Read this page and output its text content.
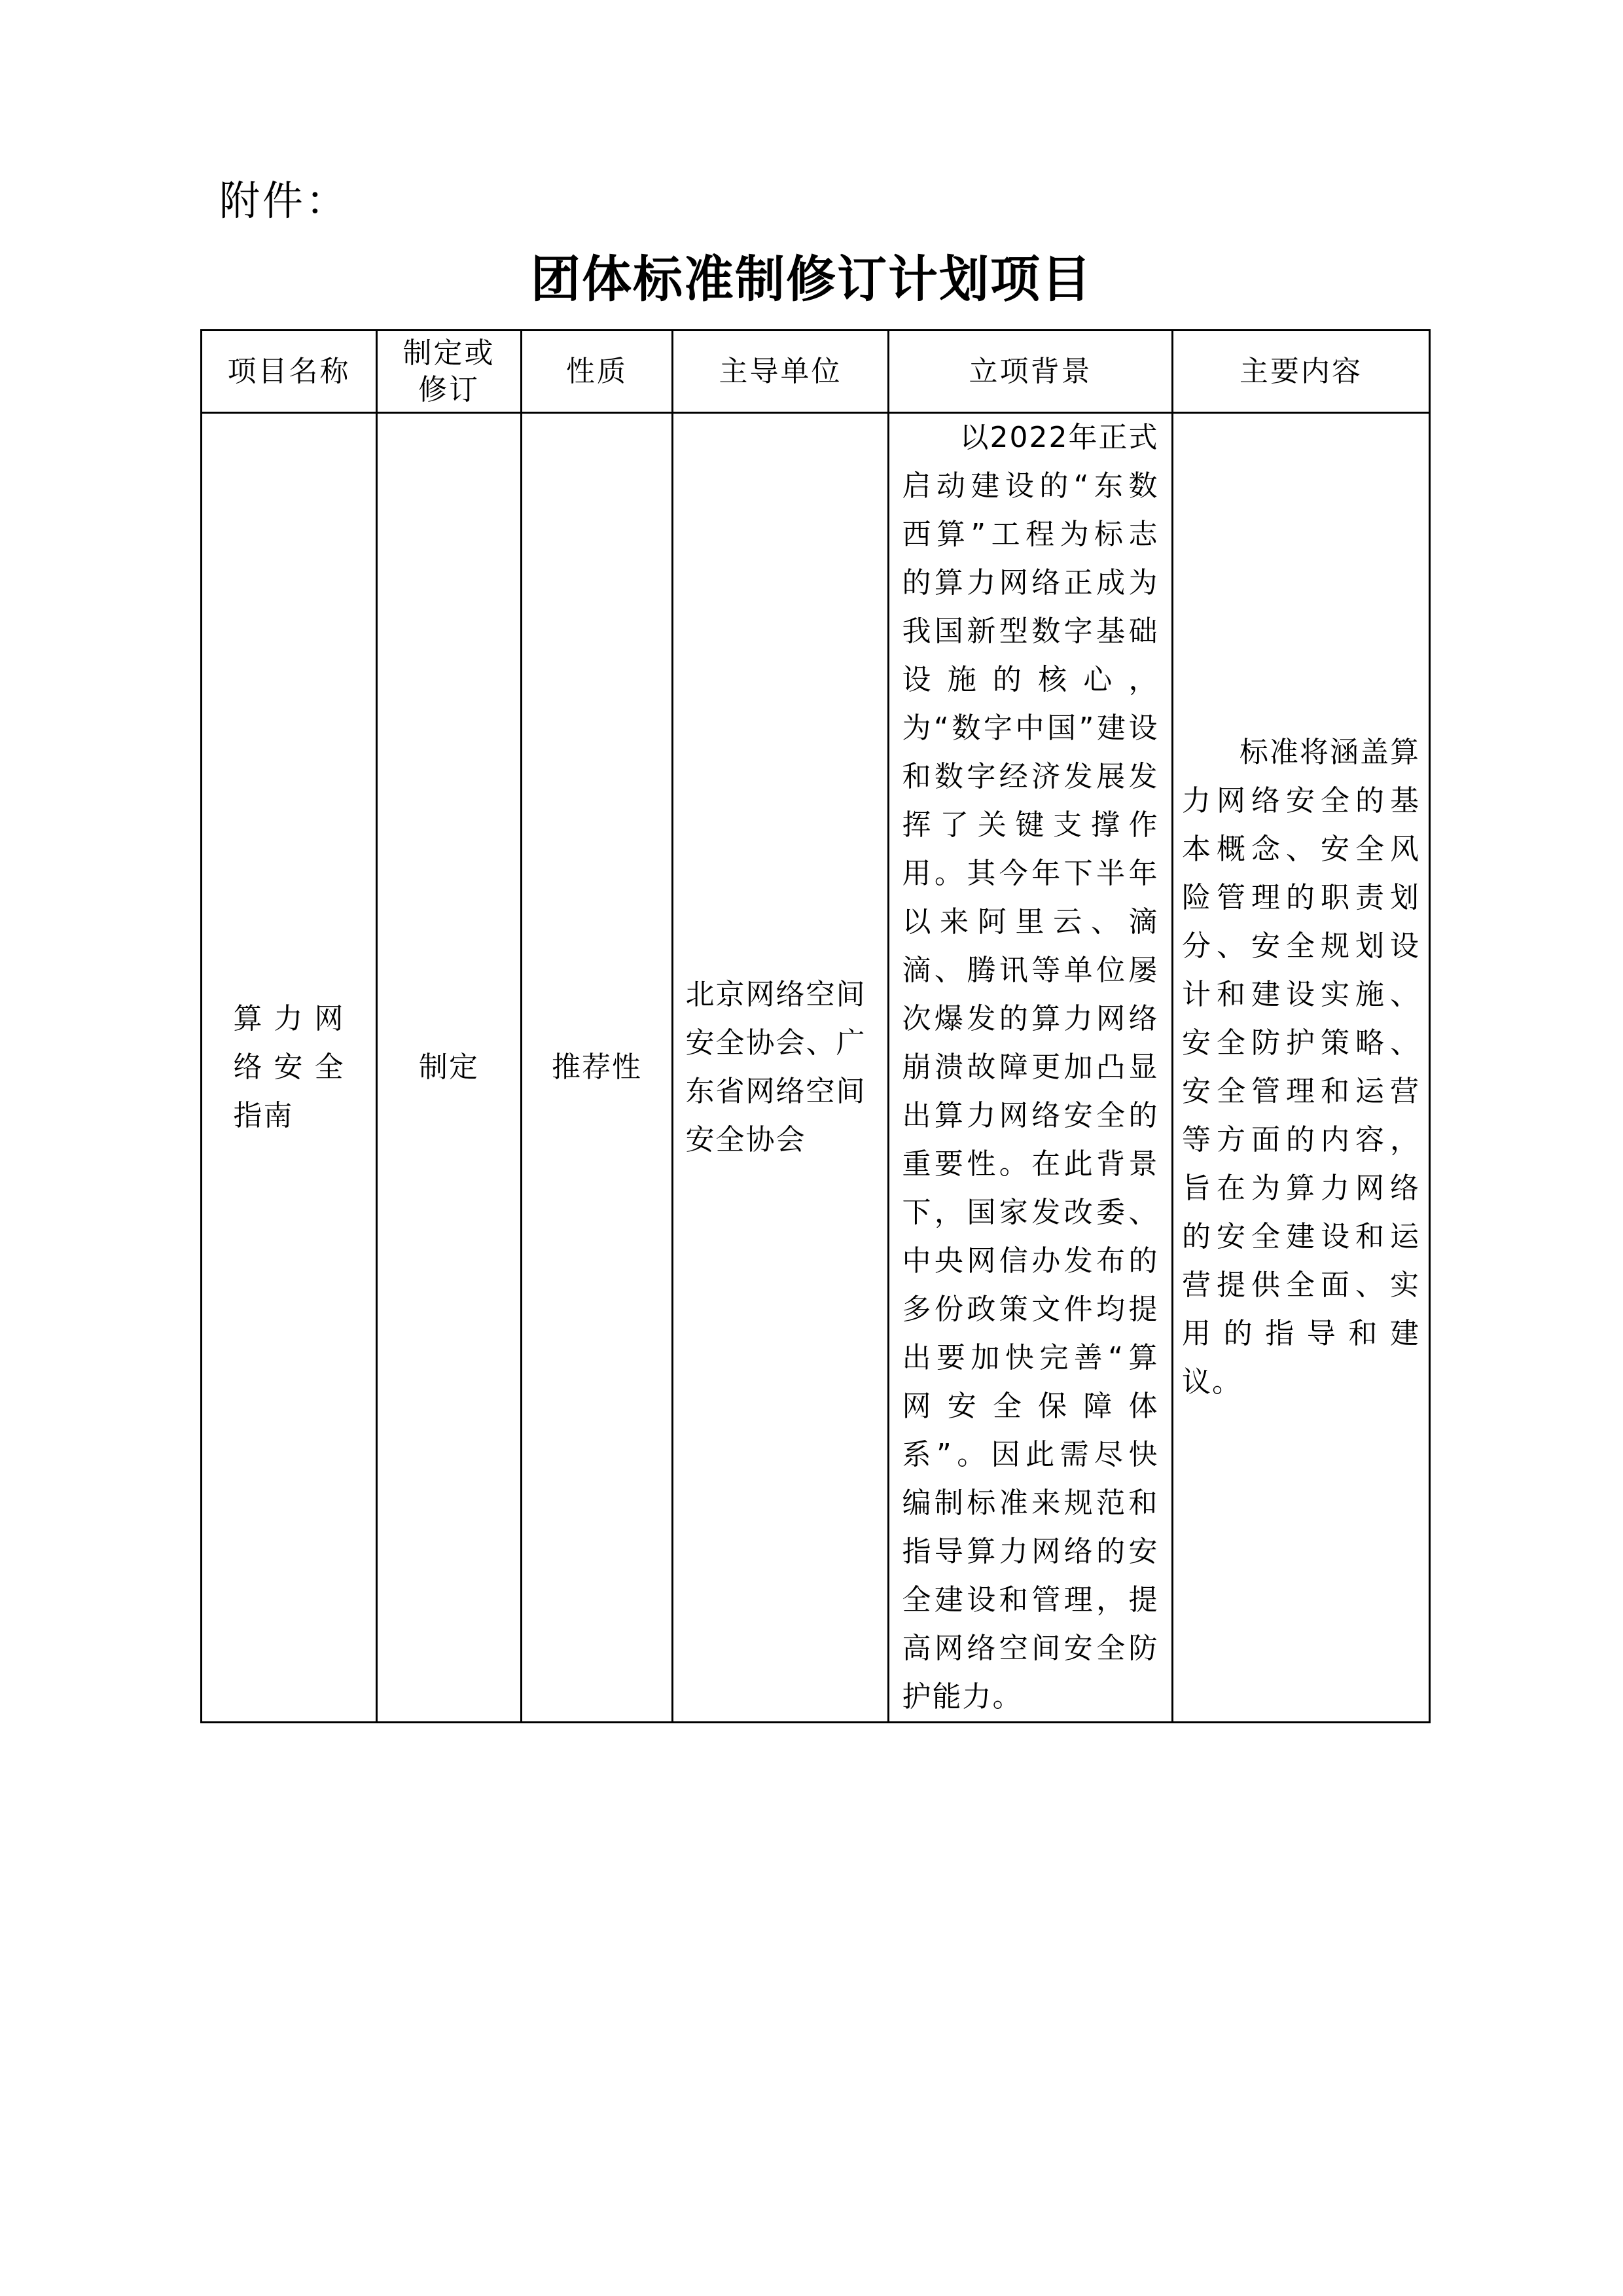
附件：
团体标准制修订计划项目
项目名称	制定或修订	性质	主导单位	立项背景	主要内容
算力网络安全指南	制定	推荐性	北京网络空间安全协会、广东省网络空间安全协会	以2022年正式启动建设的“东数西算”工程为标志的算力网络正成为我国新型数字基础设施的核心，为“数字中国”建设和数字经济发展发挥了关键支撑作用。其今年下半年以来阿里云、滴滴、腾讯等单位屡次爆发的算力网络崩溃故障更加凸显出算力网络安全的重要性。在此背景下，国家发改委、中央网信办发布的多份政策文件均提出要加快完善“算网安全保障体系”。因此需尽快编制标准来规范和指导算力网络的安全建设和管理，提高网络空间安全防护能力。	标准将涵盖算力网络安全的基本概念、安全风险管理的职责划分、安全规划设计和建设实施、安全防护策略、安全管理和运营等方面的内容，旨在为算力网络的安全建设和运营提供全面、实用的指导和建议。
